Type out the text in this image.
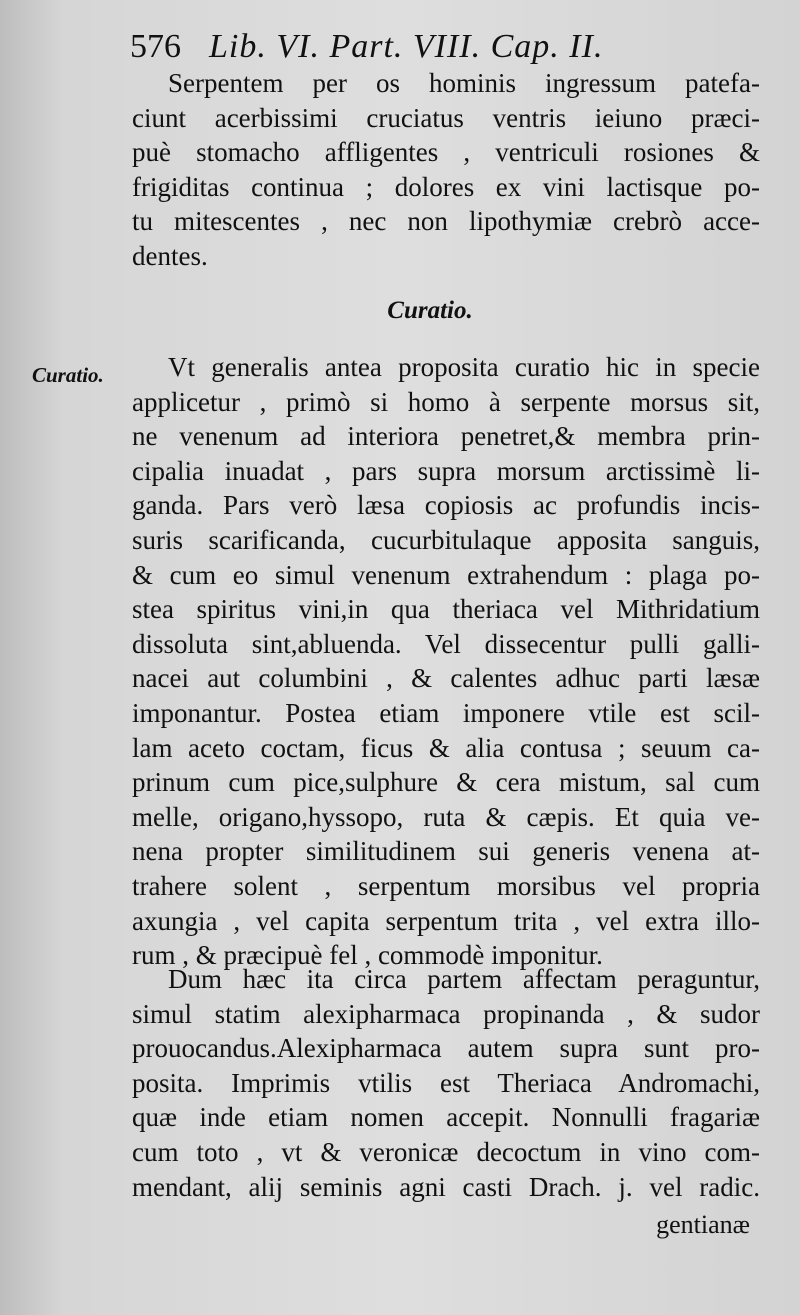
576 Lib. VI. Part. VIII. Cap. II.
Serpentem per os hominis ingressum patefa-
ciunt acerbissimi cruciatus ventris ieiuno præci-
puè stomacho affligentes , ventriculi rosiones &
frigiditas continua ; dolores ex vini lactisque po-
tu mitescentes , nec non lipothymiæ crebrò acce-
dentes.
Vt generalis antea proposita curatio hic in specie
applicetur , primò si homo à serpente morsus sit,
ne venenum ad interiora penetret,& membra prin-
cipalia inuadat , pars supra morsum arctissimè li-
ganda. Pars verò læsa copiosis ac profundis incis-
suris scarificanda, cucurbitulaque apposita sanguis,
& cum eo simul venenum extrahendum : plaga po-
stea spiritus vini,in qua theriaca vel Mithridatium
dissoluta sint,abluenda. Vel dissecentur pulli galli-
nacei aut columbini , & calentes adhuc parti læsæ
imponantur. Postea etiam imponere vtile est scil-
lam aceto coctam, ficus & alia contusa ; seuum ca-
prinum cum pice,sulphure & cera mistum, sal cum
melle, origano,hyssopo, ruta & cæpis. Et quia ve-
nena propter similitudinem sui generis venena at-
trahere solent , serpentum morsibus vel propria
axungia , vel capita serpentum trita , vel extra illo-
rum , & præcipuè fel , commodè imponitur.
Dum hæc ita circa partem affectam peraguntur,
simul statim alexipharmaca propinanda , & sudor
prouocandus.Alexipharmaca autem supra sunt pro-
posita. Imprimis vtilis est Theriaca Andromachi,
quæ inde etiam nomen accepit. Nonnulli fragariæ
cum toto , vt & veronicæ decoctum in vino com-
mendant, alij seminis agni casti Drach. j. vel radic.
Curatio.
Curatio.
gentianæ
